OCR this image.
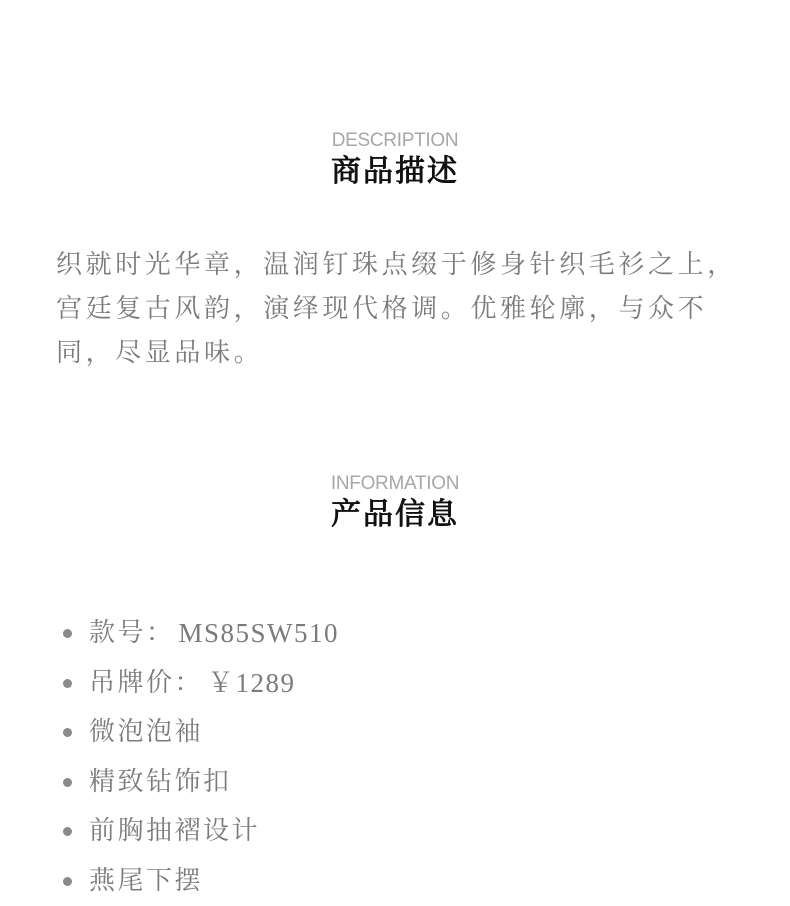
DESCRIPTION
商品描述

织就时光华章，温润钉珠点缀于修身针织毛衫之上，宫廷复古风韵，演绎现代格调。优雅轮廓，与众不同，尽显品味。

INFORMATION
产品信息
款号： MS85SW510
吊牌价： ￥1289
微泡泡袖
精致钻饰扣
前胸抽褶设计
燕尾下摆
